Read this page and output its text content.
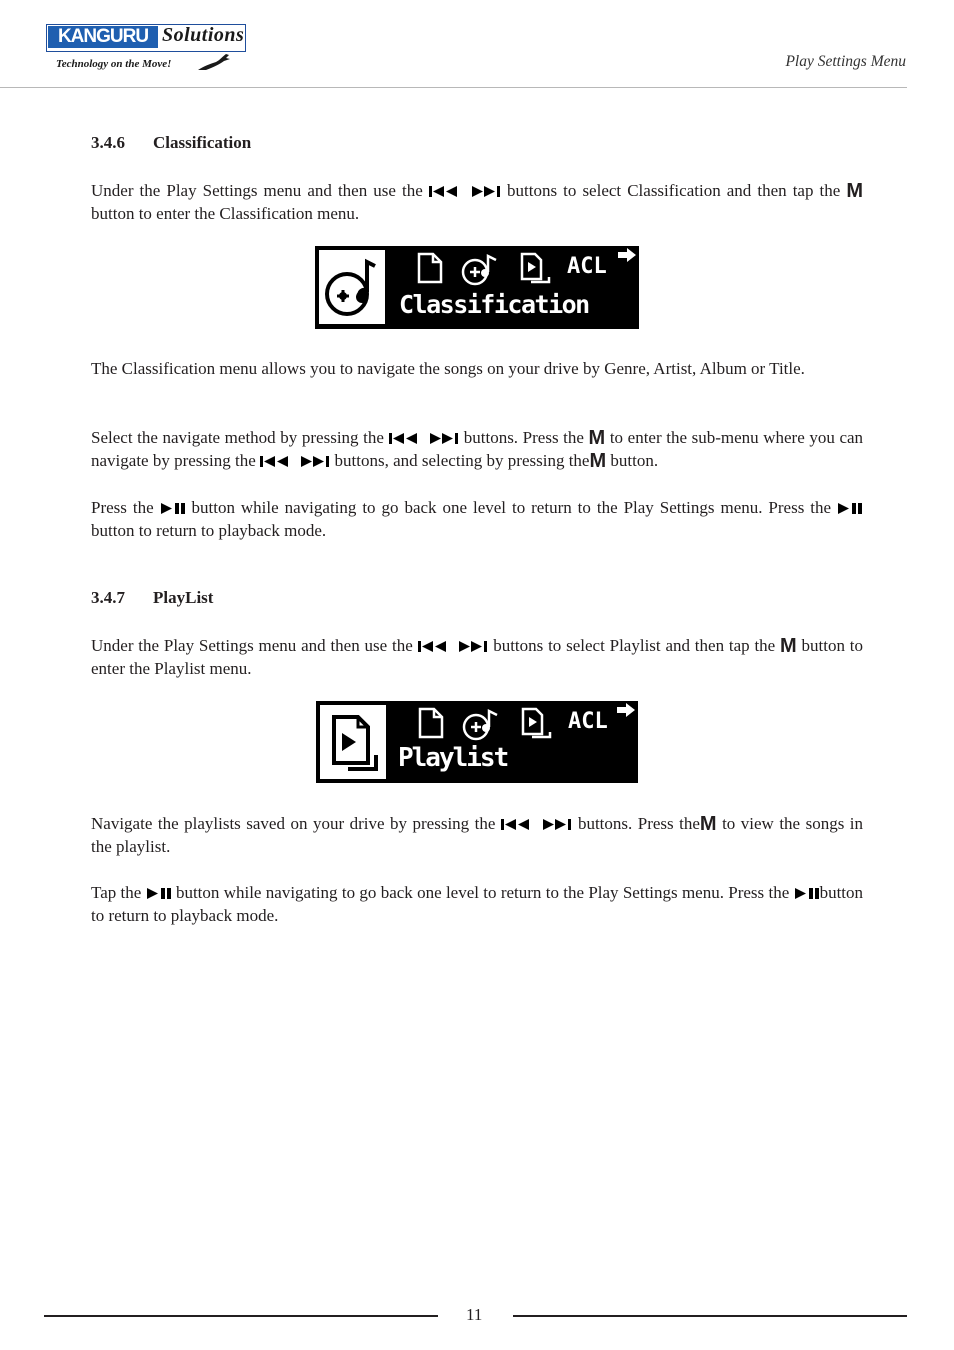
KANGURU Solutions
Technology on the Move!	Play Settings Menu
3.4.6 Classification
Under the Play Settings menu and then use the	buttons to select Classification and then tap the M button to enter the Classification menu.
ACL
Classification
The Classification menu allows you to navigate the songs on your drive by Genre, Artist, Album or Title.
Select the navigate method by pressing the	buttons. Press the M to enter the sub-menu where you can navigate by pressing the	buttons, and selecting by pressing theM button.
Press the button while navigating to go back one level to return to the Play Settings menu. Press the button to return to playback mode.
3.4.7 PlayList
Under the Play Settings menu and then use the	buttons to select Playlist and then tap the M button to enter the Playlist menu.
ACL
Playlist
Navigate the playlists saved on your drive by pressing the	buttons. Press theM to view the songs in the playlist.
Tap the button while navigating to go back one level to return to the Play Settings menu. Press the button to return to playback mode.
11
